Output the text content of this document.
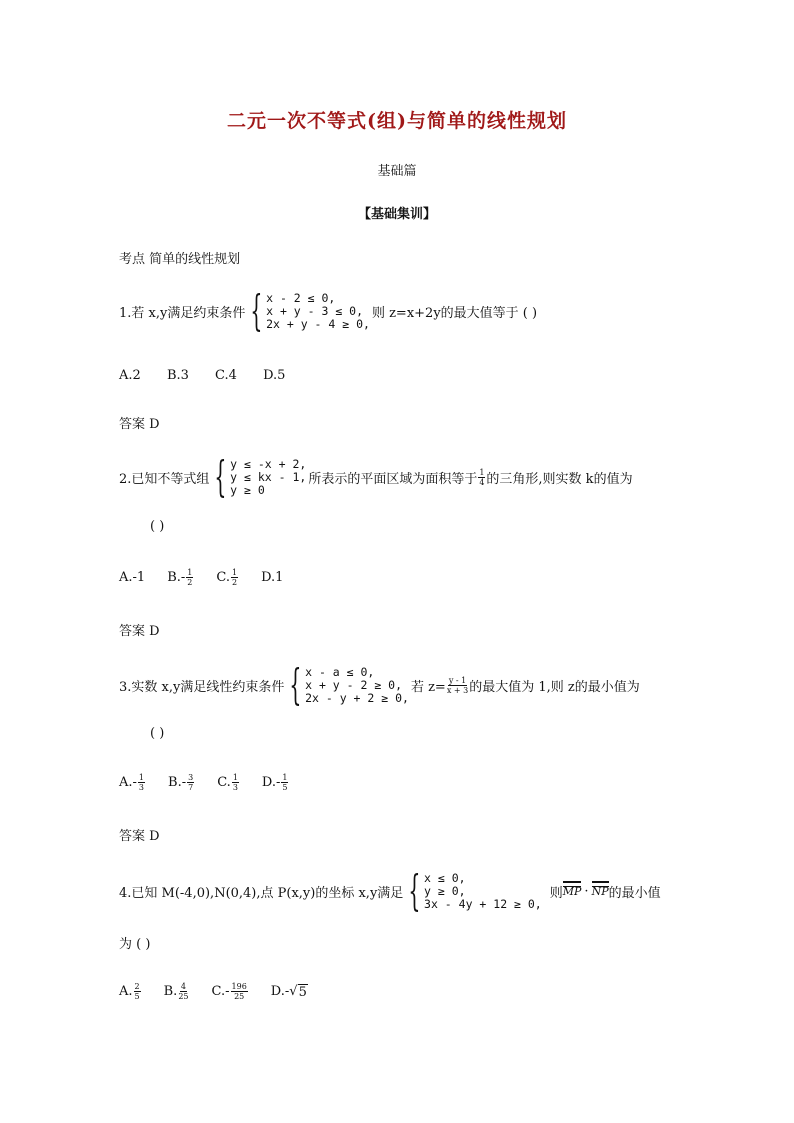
二元一次不等式(组)与简单的线性规划
基础篇
【基础集训】
考点 简单的线性规划
1.若 x,y满足约束条件 { x - 2 ≤ 0,
x + y - 3 ≤ 0,
2x + y - 4 ≥ 0,
则 z=x+2y的最大值等于 ( )
A.2 B.3 C.4 D.5
答案 D
2.已知不等式组 { y ≤ -x + 2,
y ≤ kx - 1,
y ≥ 0
所表示的平面区域为面积等于 $\frac{1}{4}$ 的三角形,则实数 k的值为
( )
A.-1 $B.- \frac{1}{2} C$. $\frac{1}{2} D.1$
答案 D
3.实数 x,y满足线性约束条件 { x - a ≤ 0,
x + y - 2 ≥ 0,
2x - y + 2 ≥ 0,
若 $z= \frac{y - 1}{x + 3}$ 的最大值为 1,则 z的最小值为
( )
$A.- \frac{1}{3} B.- \frac{3}{7} C$. $\frac{1}{3} D.- \frac{1}{5}$
答案 D
4.已知 M(-4,0),N(0,4),点 P(x,y)的坐标 x,y满足 { x ≤ 0,
y ≥ 0,
3x - 4y + 12 ≥ 0,
则 MP · NP 的最小值
为 ( )
A. $\frac{2}{5} B$. $\frac{4}{25} C.- \frac{196}{25} D.-$ √ 5
